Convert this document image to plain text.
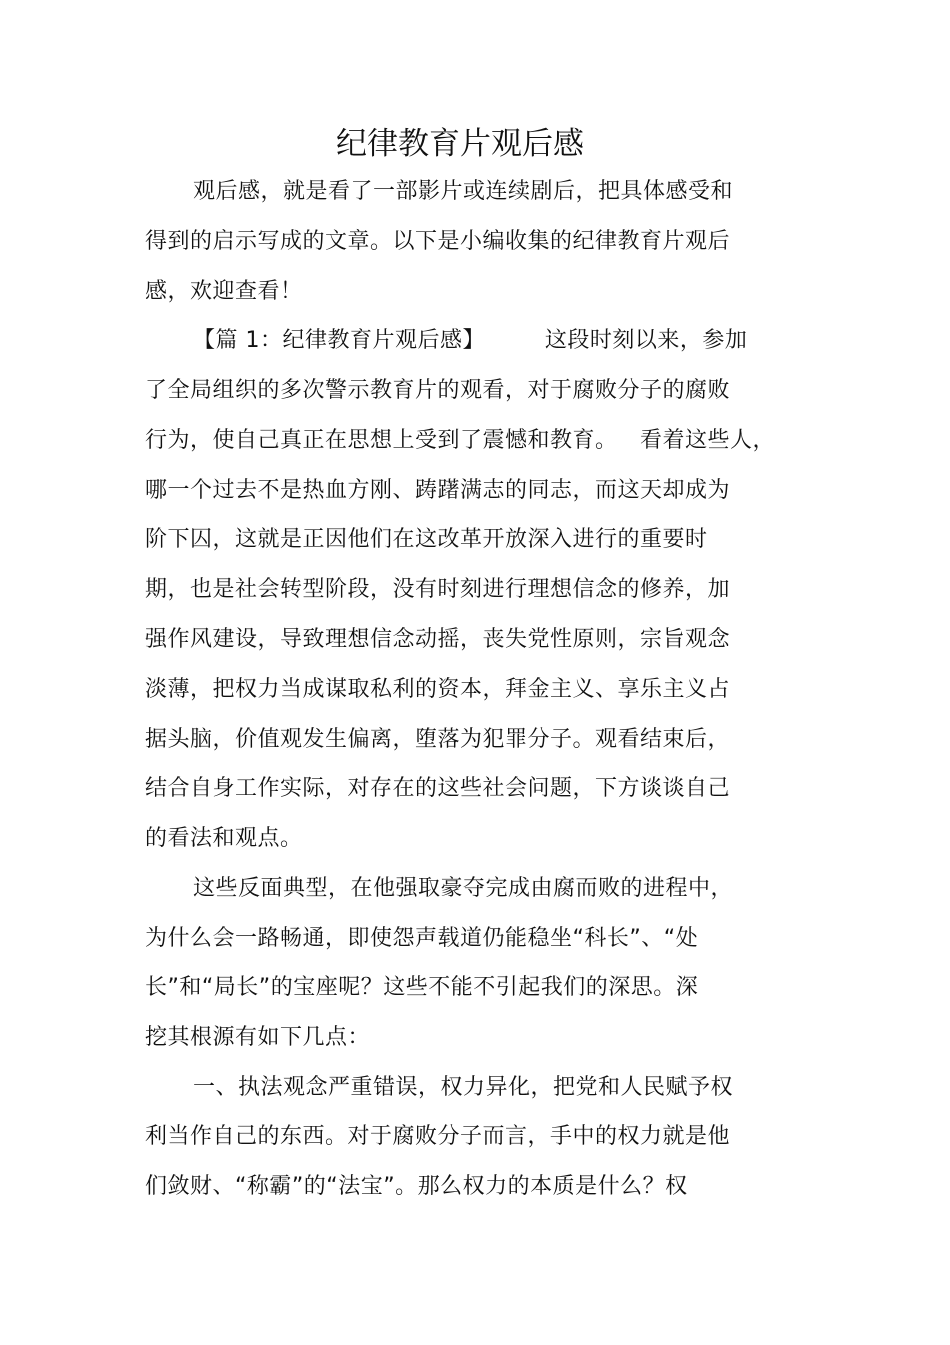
纪律教育片观后感
观后感，就是看了一部影片或连续剧后，把具体感受和
得到的启示写成的文章。以下是小编收集的纪律教育片观后
感，欢迎查看！
【篇 1：纪律教育片观后感】        这段时刻以来，参加
了全局组织的多次警示教育片的观看，对于腐败分子的腐败
行为，使自己真正在思想上受到了震憾和教育。   看着这些人，
哪一个过去不是热血方刚、踌躇满志的同志，而这天却成为
阶下囚，这就是正因他们在这改革开放深入进行的重要时
期，也是社会转型阶段，没有时刻进行理想信念的修养，加
强作风建设，导致理想信念动摇，丧失党性原则，宗旨观念
淡薄，把权力当成谋取私利的资本，拜金主义、享乐主义占
据头脑，价值观发生偏离，堕落为犯罪分子。观看结束后，
结合自身工作实际，对存在的这些社会问题，下方谈谈自己
的看法和观点。
这些反面典型，在他强取豪夺完成由腐而败的进程中，
为什么会一路畅通，即使怨声载道仍能稳坐“科长”、“处
长”和“局长”的宝座呢？这些不能不引起我们的深思。深
挖其根源有如下几点：
一、执法观念严重错误，权力异化，把党和人民赋予权
利当作自己的东西。对于腐败分子而言，手中的权力就是他
们敛财、“称霸”的“法宝”。那么权力的本质是什么？权
